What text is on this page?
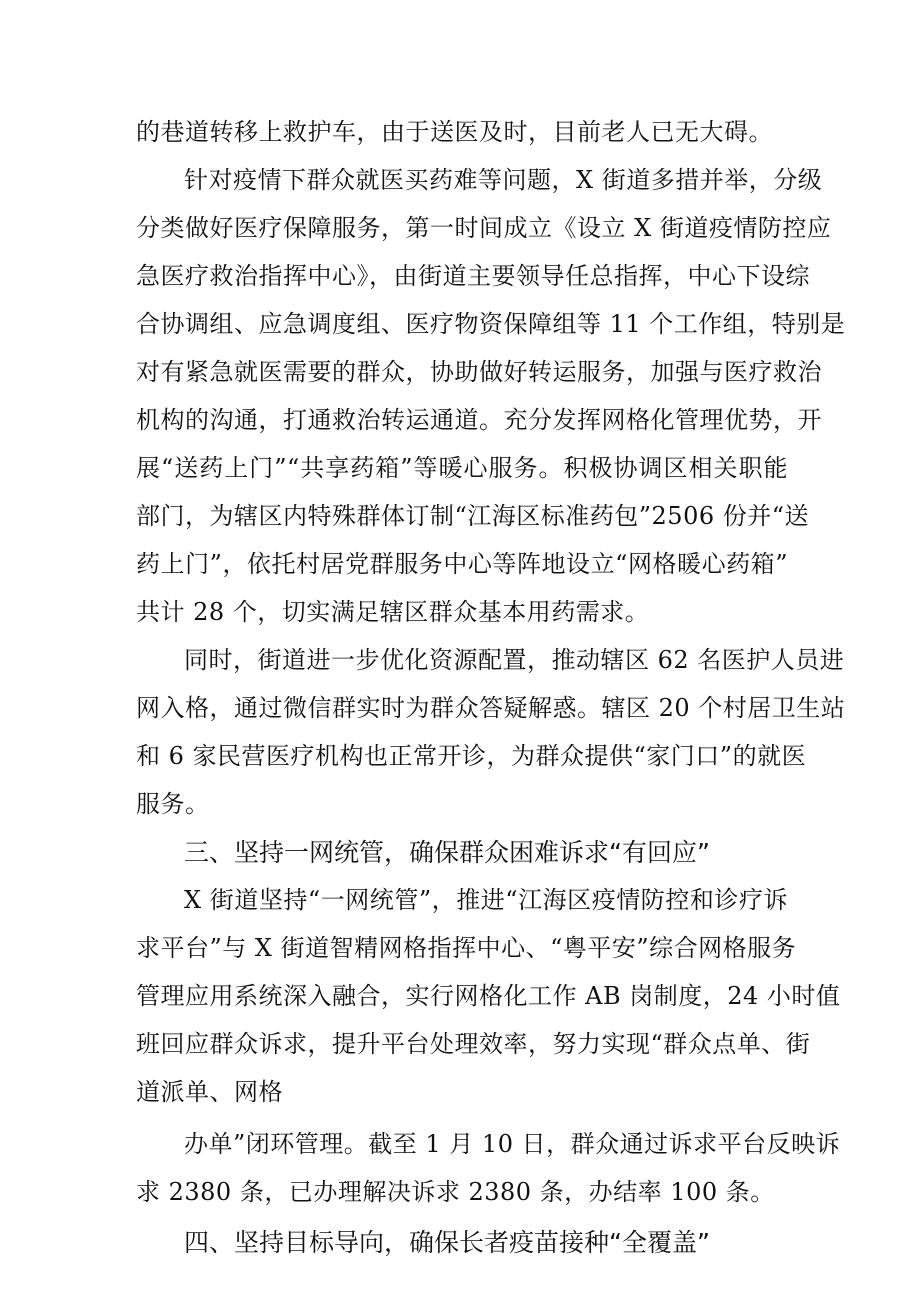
的巷道转移上救护车，由于送医及时，目前老人已无大碍。
针对疫情下群众就医买药难等问题，X 街道多措并举，分级
分类做好医疗保障服务，第一时间成立《设立 X 街道疫情防控应
急医疗救治指挥中心》，由街道主要领导任总指挥，中心下设综
合协调组、应急调度组、医疗物资保障组等 11 个工作组，特别是
对有紧急就医需要的群众，协助做好转运服务，加强与医疗救治
机构的沟通，打通救治转运通道。充分发挥网格化管理优势，开
展“送药上门”“共享药箱”等暖心服务。积极协调区相关职能
部门，为辖区内特殊群体订制“江海区标准药包”2506 份并“送
药上门”，依托村居党群服务中心等阵地设立“网格暖心药箱”
共计 28 个，切实满足辖区群众基本用药需求。
同时，街道进一步优化资源配置，推动辖区 62 名医护人员进
网入格，通过微信群实时为群众答疑解惑。辖区 20 个村居卫生站
和 6 家民营医疗机构也正常开诊，为群众提供“家门口”的就医
服务。
三、坚持一网统管，确保群众困难诉求“有回应”
X 街道坚持“一网统管”，推进“江海区疫情防控和诊疗诉
求平台”与 X 街道智精网格指挥中心、“粤平安”综合网格服务
管理应用系统深入融合，实行网格化工作 AB 岗制度，24 小时值
班回应群众诉求，提升平台处理效率，努力实现“群众点单、街
道派单、网格
办单”闭环管理。截至 1 月 10 日，群众通过诉求平台反映诉
求 2380 条，已办理解决诉求 2380 条，办结率 100 条。
四、坚持目标导向，确保长者疫苗接种“全覆盖”
